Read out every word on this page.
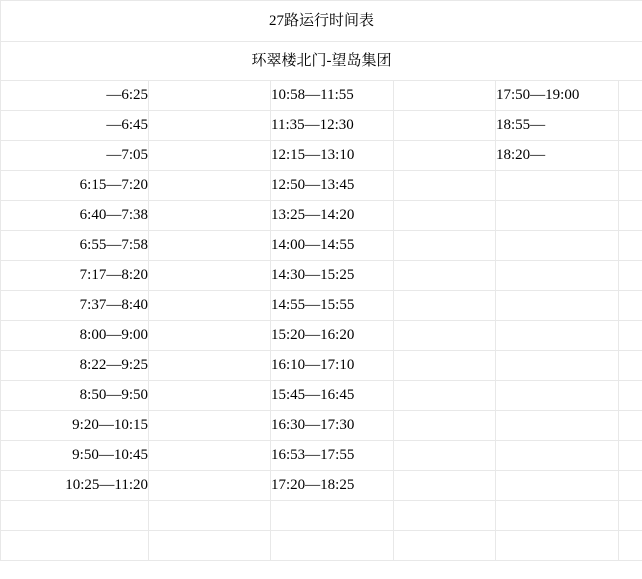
27路运行时间表					
环翠楼北门-望岛集团					
—6:25		10:58—11:55		17:50—19:00	
—6:45		11:35—12:30		18:55—	
—7:05		12:15—13:10		18:20—	
6:15—7:20		12:50—13:45			
6:40—7:38		13:25—14:20			
6:55—7:58		14:00—14:55			
7:17—8:20		14:30—15:25			
7:37—8:40		14:55—15:55			
8:00—9:00		15:20—16:20			
8:22—9:25		16:10—17:10			
8:50—9:50		15:45—16:45			
9:20—10:15		16:30—17:30			
9:50—10:45		16:53—17:55			
10:25—11:20		17:20—18:25			
